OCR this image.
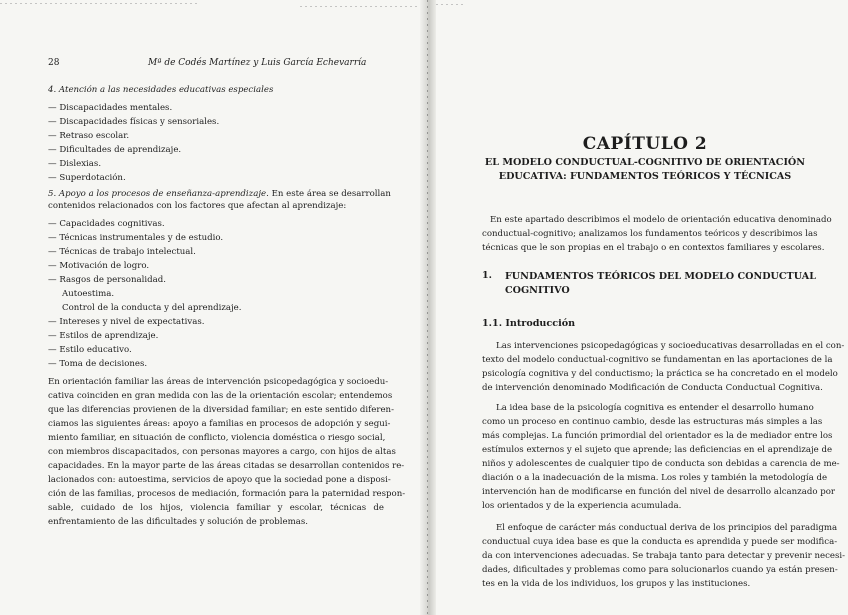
28	Mª de Codés Martínez y Luis García Echevarría
4. Atención a las necesidades educativas especiales
— Discapacidades mentales.
— Discapacidades físicas y sensoriales.
— Retraso escolar.
— Dificultades de aprendizaje.
— Dislexias.
— Superdotación.
5. Apoyo a los procesos de enseñanza-aprendizaje. En este área se desarrollan
contenidos relacionados con los factores que afectan al aprendizaje:
— Capacidades cognitivas.
— Técnicas instrumentales y de estudio.
— Técnicas de trabajo intelectual.
— Motivación de logro.
— Rasgos de personalidad.
Autoestima.
Control de la conducta y del aprendizaje.
— Intereses y nivel de expectativas.
— Estilos de aprendizaje.
— Estilo educativo.
— Toma de decisiones.
En orientación familiar las áreas de intervención psicopedagógica y socioedu-
cativa coinciden en gran medida con las de la orientación escolar; entendemos
que las diferencias provienen de la diversidad familiar; en este sentido diferen-
ciamos las siguientes áreas: apoyo a familias en procesos de adopción y segui-
miento familiar, en situación de conflicto, violencia doméstica o riesgo social,
con miembros discapacitados, con personas mayores a cargo, con hijos de altas
capacidades. En la mayor parte de las áreas citadas se desarrollan contenidos re-
lacionados con: autoestima, servicios de apoyo que la sociedad pone a disposi-
ción de las familias, procesos de mediación, formación para la paternidad respon-
sable, cuidado de los hijos, violencia familiar y escolar, técnicas de
enfrentamiento de las dificultades y solución de problemas.
CAPÍTULO 2
EL MODELO CONDUCTUAL-COGNITIVO DE ORIENTACIÓN
EDUCATIVA: FUNDAMENTOS TEÓRICOS Y TÉCNICAS
En este apartado describimos el modelo de orientación educativa denominado
conductual-cognitivo; analizamos los fundamentos teóricos y describimos las
técnicas que le son propias en el trabajo o en contextos familiares y escolares.
1. FUNDAMENTOS TEÓRICOS DEL MODELO CONDUCTUAL
COGNITIVO
1.1. Introducción
Las intervenciones psicopedagógicas y socioeducativas desarrolladas en el con-
texto del modelo conductual-cognitivo se fundamentan en las aportaciones de la
psicología cognitiva y del conductismo; la práctica se ha concretado en el modelo
de intervención denominado Modificación de Conducta Conductual Cognitiva.
La idea base de la psicología cognitiva es entender el desarrollo humano
como un proceso en continuo cambio, desde las estructuras más simples a las
más complejas. La función primordial del orientador es la de mediador entre los
estímulos externos y el sujeto que aprende; las deficiencias en el aprendizaje de
niños y adolescentes de cualquier tipo de conducta son debidas a carencia de me-
diación o a la inadecuación de la misma. Los roles y también la metodología de
intervención han de modificarse en función del nivel de desarrollo alcanzado por
los orientados y de la experiencia acumulada.
El enfoque de carácter más conductual deriva de los principios del paradigma
conductual cuya idea base es que la conducta es aprendida y puede ser modifica-
da con intervenciones adecuadas. Se trabaja tanto para detectar y prevenir necesi-
dades, dificultades y problemas como para solucionarlos cuando ya están presen-
tes en la vida de los individuos, los grupos y las instituciones.
